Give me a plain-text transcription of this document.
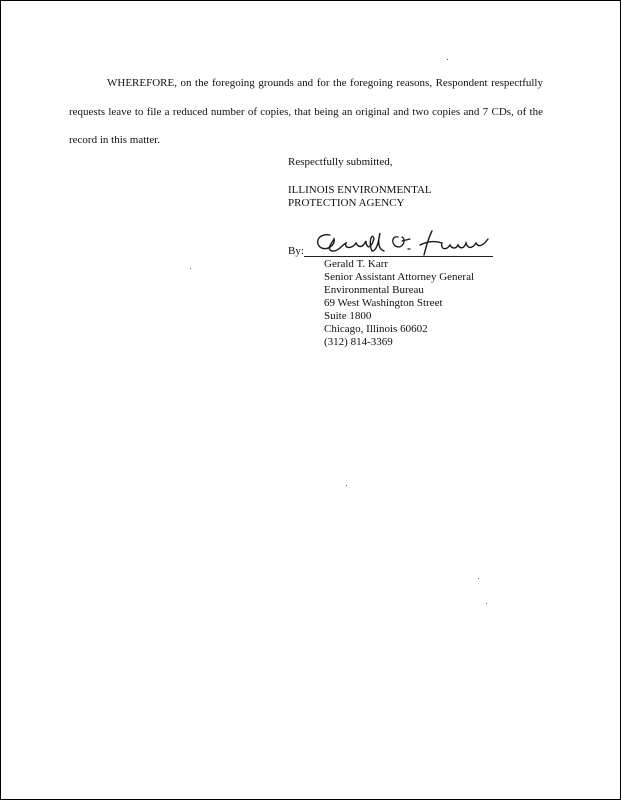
WHEREFORE, on the foregoing grounds and for the foregoing reasons, Respondent respectfully requests leave to file a reduced number of copies, that being an original and two copies and 7 CDs, of the record in this matter.

Respectfully submitted,

ILLINOIS ENVIRONMENTAL

PROTECTION AGENCY

By:
Gerald T. Karr
Senior Assistant Attorney General
Environmental Bureau
69 West Washington Street
Suite 1800
Chicago, Illinois 60602
(312) 814-3369
